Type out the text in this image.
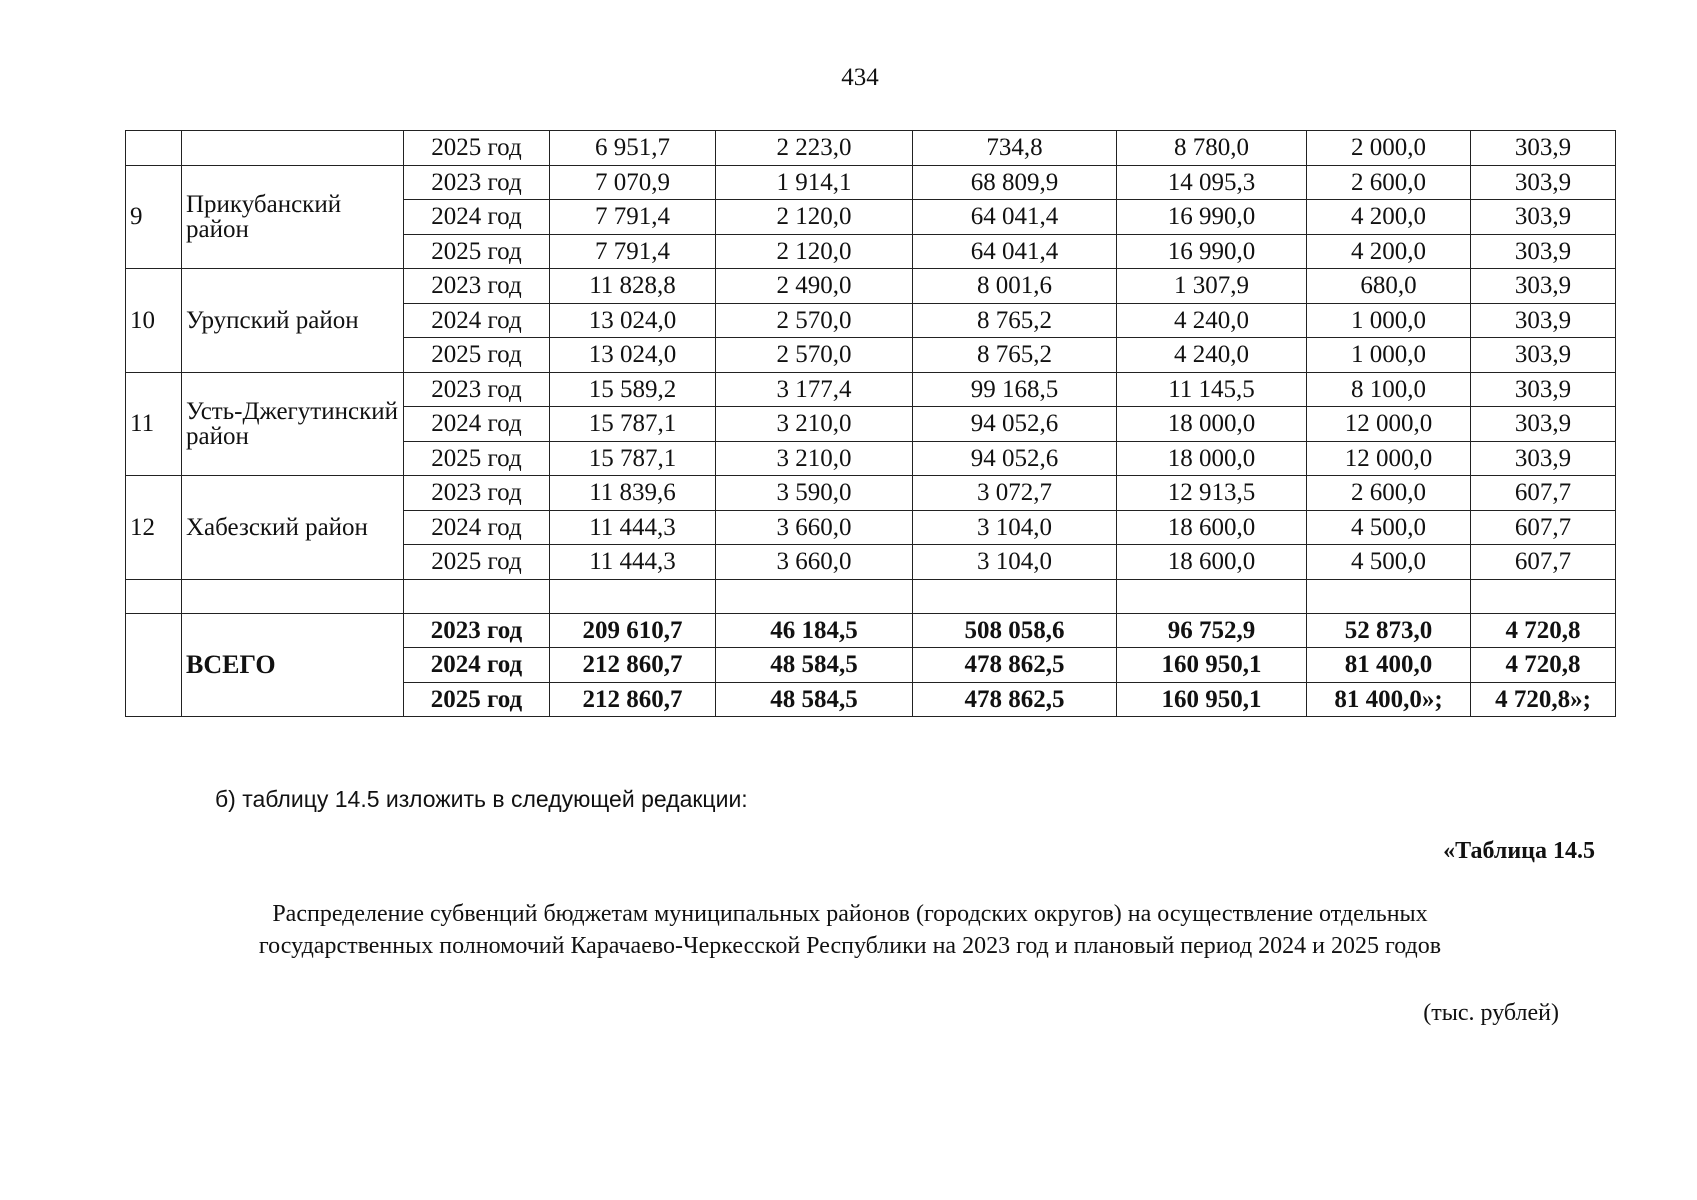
434
		2025 год	6 951,7	2 223,0	734,8	8 780,0	2 000,0	303,9
9	Прикубанский район	2023 год	7 070,9	1 914,1	68 809,9	14 095,3	2 600,0	303,9
		2024 год	7 791,4	2 120,0	64 041,4	16 990,0	4 200,0	303,9
		2025 год	7 791,4	2 120,0	64 041,4	16 990,0	4 200,0	303,9
10	Урупский район	2023 год	11 828,8	2 490,0	8 001,6	1 307,9	680,0	303,9
		2024 год	13 024,0	2 570,0	8 765,2	4 240,0	1 000,0	303,9
		2025 год	13 024,0	2 570,0	8 765,2	4 240,0	1 000,0	303,9
11	Усть-Джегутинский район	2023 год	15 589,2	3 177,4	99 168,5	11 145,5	8 100,0	303,9
		2024 год	15 787,1	3 210,0	94 052,6	18 000,0	12 000,0	303,9
		2025 год	15 787,1	3 210,0	94 052,6	18 000,0	12 000,0	303,9
12	Хабезский район	2023 год	11 839,6	3 590,0	3 072,7	12 913,5	2 600,0	607,7
		2024 год	11 444,3	3 660,0	3 104,0	18 600,0	4 500,0	607,7
		2025 год	11 444,3	3 660,0	3 104,0	18 600,0	4 500,0	607,7

	ВСЕГО	2023 год	209 610,7	46 184,5	508 058,6	96 752,9	52 873,0	4 720,8
		2024 год	212 860,7	48 584,5	478 862,5	160 950,1	81 400,0	4 720,8
		2025 год	212 860,7	48 584,5	478 862,5	160 950,1	81 400,0»;	4 720,8»;
б) таблицу 14.5 изложить в следующей редакции:
«Таблица 14.5
Распределение субвенций бюджетам муниципальных районов (городских округов) на осуществление отдельных
государственных полномочий Карачаево-Черкесской Республики на 2023 год и плановый период 2024 и 2025 годов
(тыс. рублей)
